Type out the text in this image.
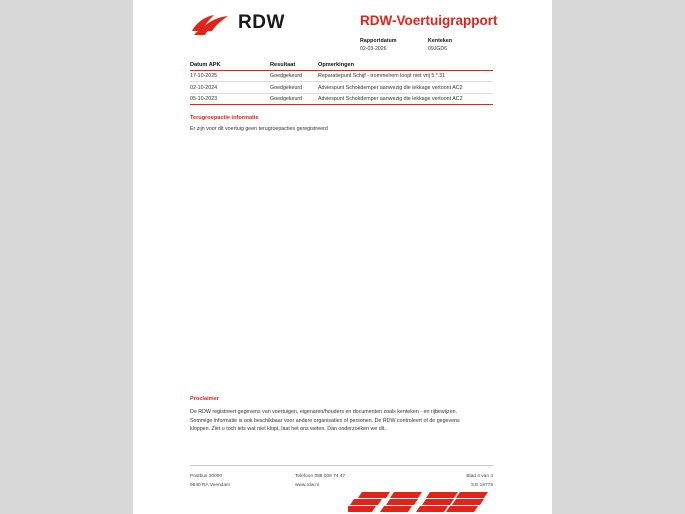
RDW	RDW-Voertuigrapport
Rapportdatum
02-03-2026
Kenteken
09JGD6
Datum APK	Resultaat	Opmerkingen
17-10-2025	Goedgekeurd	Reparatiepunt Schijf - trommelrem loopt niet vrij 5.*.31
02-10-2024	Goedgekeurd	Adviespunt Schokdemper aanwezig die lekkage vertoont AC2
05-10-2023	Goedgekeurd	Adviespunt Schokdemper aanwezig die lekkage vertoont AC2
Terugroepactie informatie
Er zijn voor dit voertuig geen terugroepacties geregistreerd
Proclaimer
De RDW registreert gegevens van voertuigen, eigenaren/houders en documenten zoals kenteken - en rijbewijzen. Sommige informatie is ook beschikbaar voor andere organisaties of personen. De RDW controleert of de gegevens kloppen. Ziet u toch iets wat niet klopt, laat het ons weten. Dan onderzoeken we dit.
Postbus 30000
9640 RA Veendam
Telefoon 088 008 74 47
www.rdw.nl
Blad 4 van 4
3.E 18778
